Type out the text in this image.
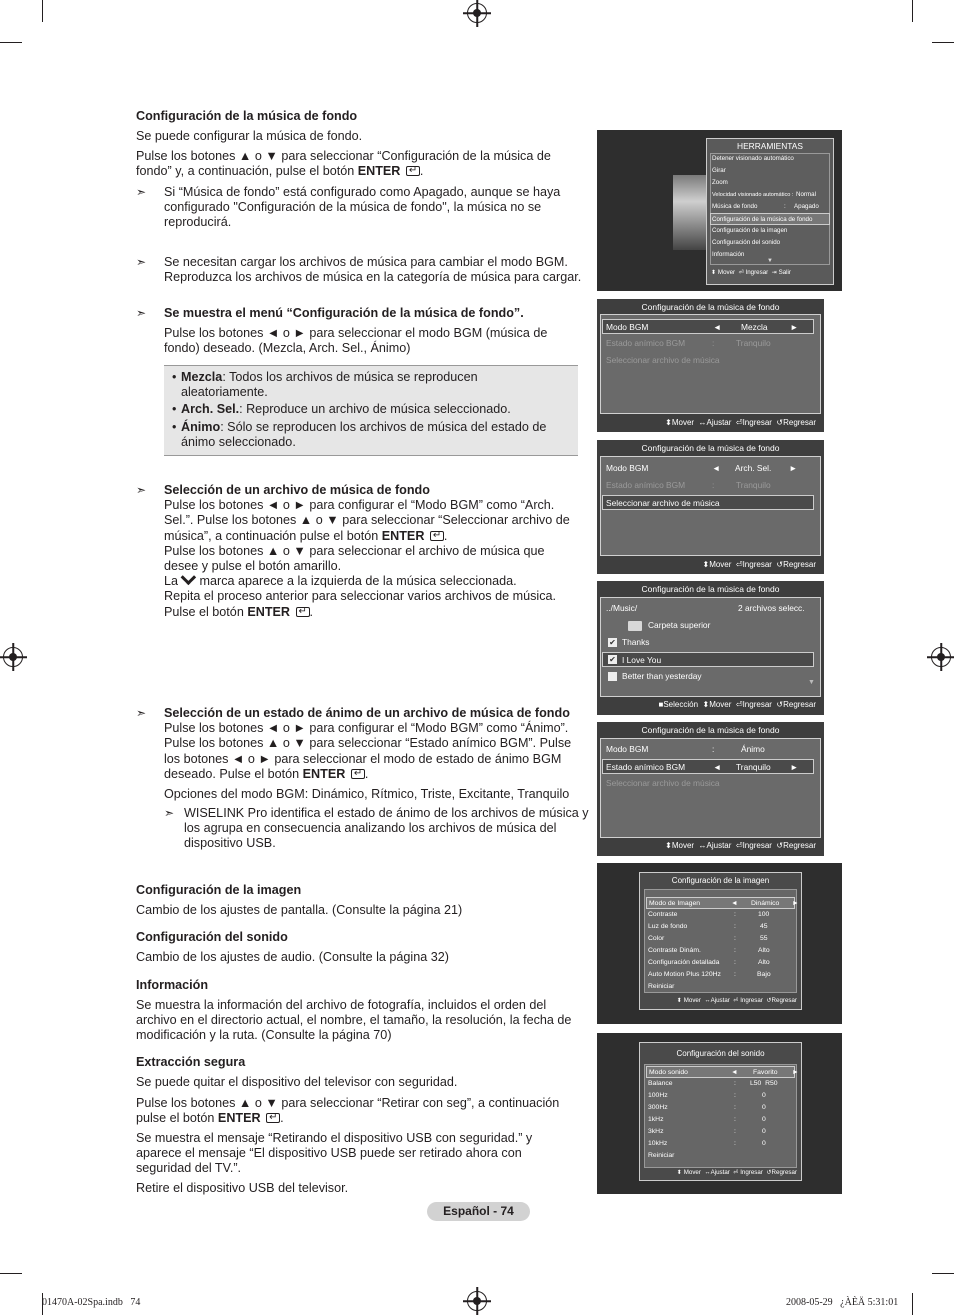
Configuración de la música de fondo
Se puede configurar la música de fondo.
Pulse los botones ▲ o ▼ para seleccionar “Configuración de la música de
fondo” y, a continuación, pulse el botón ENTER ↵ .
➣ Si “Música de fondo” está configurado como Apagado, aunque se haya configurado "Configuración de la música de fondo", la música no se reproducirá.
➣ Se necesitan cargar los archivos de música para cambiar el modo BGM. Reproduzca los archivos de música en la categoría de música para cargar.
➣ Se muestra el menú “Configuración de la música de fondo”.
Pulse los botones ◄ o ► para seleccionar el modo BGM (música de fondo) deseado. (Mezcla, Arch. Sel., Ánimo)
• Mezcla: Todos los archivos de música se reproducen aleatoriamente.
• Arch. Sel.: Reproduce un archivo de música seleccionado.
• Ánimo: Sólo se reproducen los archivos de música del estado de ánimo seleccionado.
➣ Selección de un archivo de música de fondo
Pulse los botones ◄ o ► para configurar el “Modo BGM” como “Arch.
Sel.”. Pulse los botones ▲ o ▼ para seleccionar “Seleccionar archivo de
música”, a continuación pulse el botón ENTER ↵ .
Pulse los botones ▲ o ▼ para seleccionar el archivo de música que
desee y pulse el botón amarillo.
La marca aparece a la izquierda de la música seleccionada.
Repita el proceso anterior para seleccionar varios archivos de música.
Pulse el botón ENTER ↵ .
➣ Selección de un estado de ánimo de un archivo de música de fondo
Pulse los botones ◄ o ► para configurar el “Modo BGM” como “Ánimo”.
Pulse los botones ▲ o ▼ para seleccionar “Estado anímico BGM”. Pulse
los botones ◄ o ► para seleccionar el modo de estado de ánimo BGM
deseado. Pulse el botón ENTER ↵ .
Opciones del modo BGM: Dinámico, Rítmico, Triste, Excitante, Tranquilo
➣ WISELINK Pro identifica el estado de ánimo de los archivos de música y los agrupa en consecuencia analizando los archivos de música del dispositivo USB.
Configuración de la imagen
Cambio de los ajustes de pantalla. (Consulte la página 21)
Configuración del sonido
Cambio de los ajustes de audio. (Consulte la página 32)
Información
Se muestra la información del archivo de fotografía, incluidos el orden del archivo en el directorio actual, el nombre, el tamaño, la resolución, la fecha de modificación y la ruta. (Consulte la página 70)
Extracción segura
Se puede quitar el dispositivo del televisor con seguridad.
Pulse los botones ▲ o ▼ para seleccionar “Retirar con seg”, a continuación
pulse el botón ENTER ↵ .
Se muestra el mensaje “Retirando el dispositivo USB con seguridad.” y aparece el mensaje “El dispositivo USB puede ser retirado ahora con seguridad del TV.”.
Retire el dispositivo USB del televisor.
HERRAMIENTAS
Detener visionado automático
Girar
Zoom
Velocidad visionado automático : Normal
Música de fondo	: Apagado
Configuración de la música de fondo
Configuración de la imagen
Configuración del sonido
Información
▼
⬍ Mover ⏎ Ingresar ⇥ Salir
Configuración de la música de fondo
Modo BGM	◄ Mezcla	►
Estado anímico BGM	:	Tranquilo
Seleccionar archivo de música
⬍Mover ↔Ajustar ⏎Ingresar ↺Regresar
Configuración de la música de fondo
Modo BGM	◄ Arch. Sel. ►
Estado anímico BGM	:	Tranquilo
Seleccionar archivo de música
⬍Mover ⏎Ingresar ↺Regresar
Configuración de la música de fondo
../Music/	2 archivos selecc.
Carpeta superior
✔ Thanks
✔ I Love You
Better than yesterday
▼
■Selección ⬍Mover ⏎Ingresar ↺Regresar
Configuración de la música de fondo
Modo BGM	:	Ánimo
Estado anímico BGM	◄ Tranquilo ►
Seleccionar archivo de música
⬍Mover ↔Ajustar ⏎Ingresar ↺Regresar
Configuración de la imagen
Modo de Imagen	◄ Dinámico ►
Contraste	:	100
Luz de fondo	:	45
Color	:	55
Contraste Dinám.	:	Alto
Configuración detallada :	Alto
Auto Motion Plus 120Hz :	Bajo
Reiniciar
⬍ Mover ↔Ajustar ⏎ Ingresar ↺Regresar
Configuración del sonido
Modo sonido	◄ Favorito ►
Balance	: L50  R50
100Hz	:	0
300Hz	:	0
1kHz	:	0
3kHz	:	0
10kHz	:	0
Reiniciar
⬍ Mover ↔Ajustar ⏎ Ingresar ↺Regresar
Español - 74
01470A-02Spa.indb   74	2008-05-29   ¿ÀÈÄ 5:31:01
